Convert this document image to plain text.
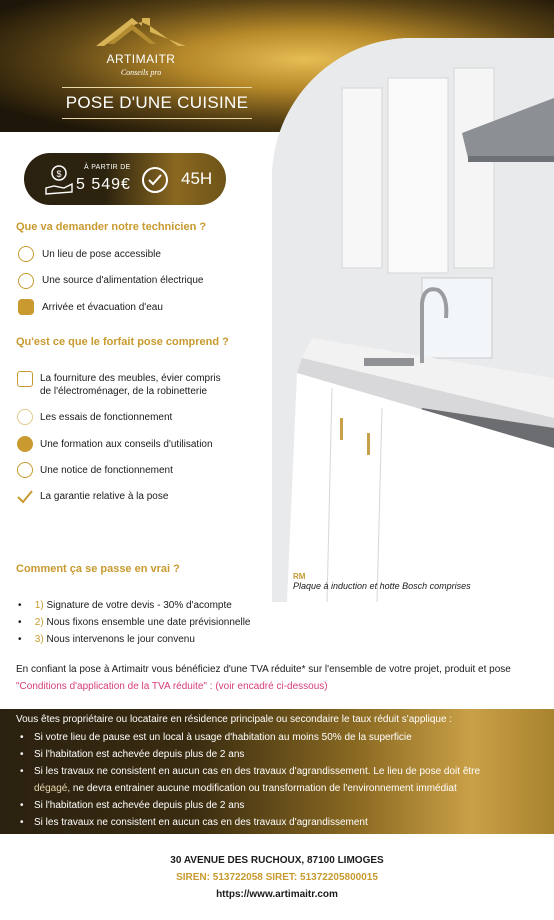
ARTIMAITR
Conseils pro
POSE D'UNE CUISINE
RM
Plaque à induction et hotte Bosch comprises
$
À PARTIR DE
5 549€	45H
Que va demander notre technicien ?
Un lieu de pose accessible
Une source d'alimentation électrique
Arrivée et évacuation d'eau
Qu'est ce que le forfait pose comprend ?
La fourniture des meubles, évier compris
de l'électroménager, de la robinetterie
Les essais de fonctionnement
Une formation aux conseils d'utilisation
Une notice de fonctionnement
La garantie relative à la pose
Comment ça se passe en vrai ?
• 1) Signature de votre devis - 30% d'acompte
• 2) Nous fixons ensemble une date prévisionnelle
• 3) Nous intervenons le jour convenu
En confiant la pose à Artimaitr vous bénéficiez d'une TVA réduite* sur l'ensemble de votre projet, produit et pose "Conditions d'application de la TVA réduite" : (voir encadré ci-dessous)
Vous êtes propriétaire ou locataire en résidence principale ou secondaire le taux réduit s'applique :
• Si votre lieu de pause est un local à usage d'habitation au moins 50% de la superficie
• Si l'habitation est achevée depuis plus de 2 ans
• Si les travaux ne consistent en aucun cas en des travaux d'agrandissement. Le lieu de pose doit être
dégagé, ne devra entrainer aucune modification ou transformation de l'environnement immédiat
• Si l'habitation est achevée depuis plus de 2 ans
• Si les travaux ne consistent en aucun cas en des travaux d'agrandissement
30 AVENUE DES RUCHOUX, 87100 LIMOGES
SIREN: 513722058 SIRET: 51372205800015
https://www.artimaitr.com
